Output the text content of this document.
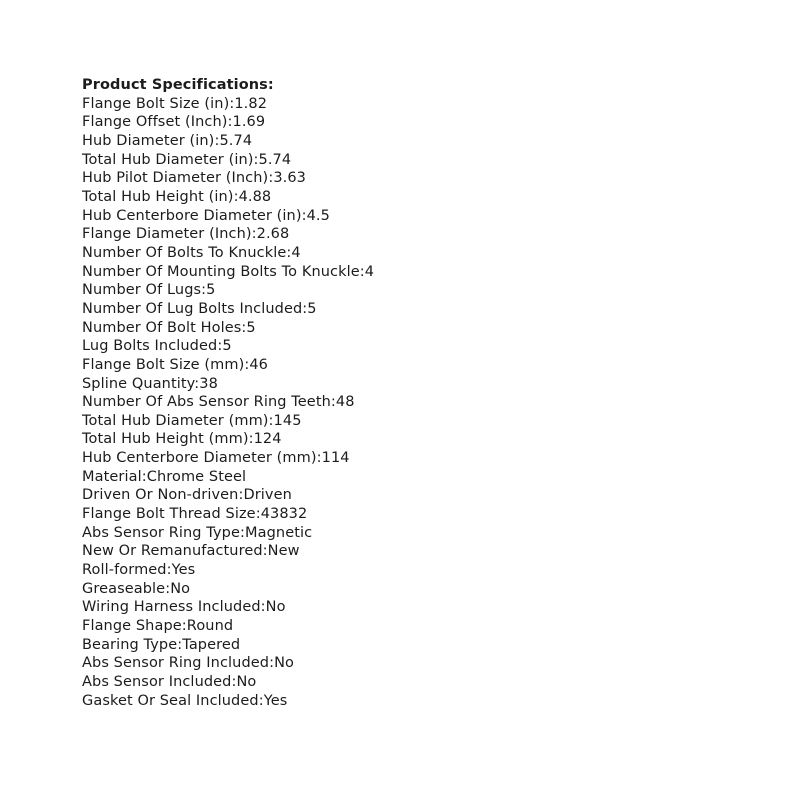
Product Specifications:
Flange Bolt Size (in):1.82
Flange Offset (Inch):1.69
Hub Diameter (in):5.74
Total Hub Diameter (in):5.74
Hub Pilot Diameter (Inch):3.63
Total Hub Height (in):4.88
Hub Centerbore Diameter (in):4.5
Flange Diameter (Inch):2.68
Number Of Bolts To Knuckle:4
Number Of Mounting Bolts To Knuckle:4
Number Of Lugs:5
Number Of Lug Bolts Included:5
Number Of Bolt Holes:5
Lug Bolts Included:5
Flange Bolt Size (mm):46
Spline Quantity:38
Number Of Abs Sensor Ring Teeth:48
Total Hub Diameter (mm):145
Total Hub Height (mm):124
Hub Centerbore Diameter (mm):114
Material:Chrome Steel
Driven Or Non-driven:Driven
Flange Bolt Thread Size:43832
Abs Sensor Ring Type:Magnetic
New Or Remanufactured:New
Roll-formed:Yes
Greaseable:No
Wiring Harness Included:No
Flange Shape:Round
Bearing Type:Tapered
Abs Sensor Ring Included:No
Abs Sensor Included:No
Gasket Or Seal Included:Yes
